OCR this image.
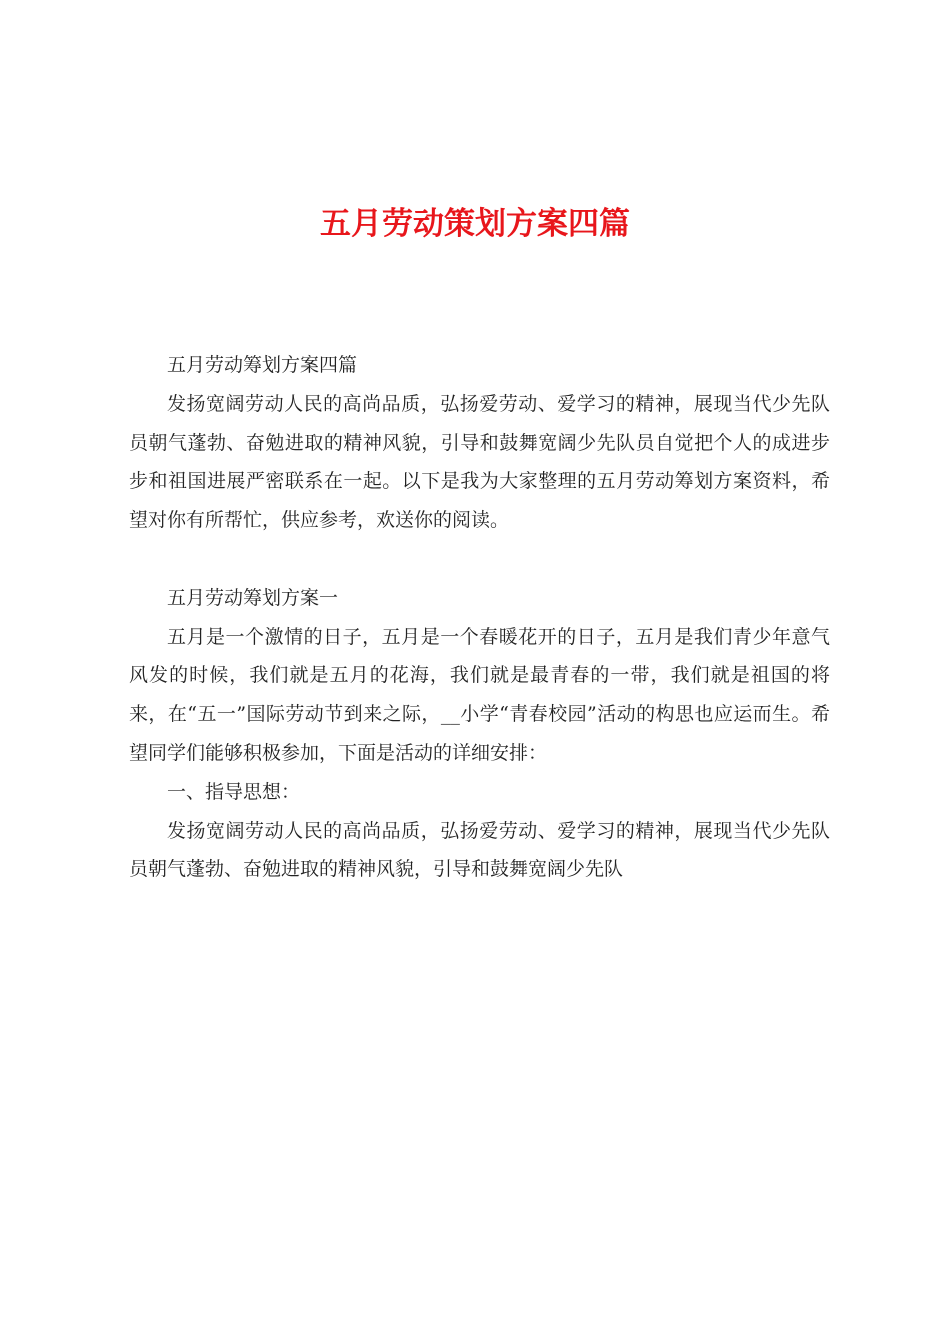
五月劳动策划方案四篇

五月劳动筹划方案四篇

发扬宽阔劳动人民的高尚品质，弘扬爱劳动、爱学习的精神，展现当代少先队员朝气蓬勃、奋勉进取的精神风貌，引导和鼓舞宽阔少先队员自觉把个人的成进步步和祖国进展严密联系在一起。以下是我为大家整理的五月劳动筹划方案资料，希望对你有所帮忙，供应参考，欢送你的阅读。

五月劳动筹划方案一

五月是一个激情的日子，五月是一个春暖花开的日子，五月是我们青少年意气风发的时候，我们就是五月的花海，我们就是最青春的一带，我们就是祖国的将来，在“五一”国际劳动节到来之际，__小学“青春校园”活动的构思也应运而生。希望同学们能够积极参加，下面是活动的详细安排：

一、指导思想：

发扬宽阔劳动人民的高尚品质，弘扬爱劳动、爱学习的精神，展现当代少先队员朝气蓬勃、奋勉进取的精神风貌，引导和鼓舞宽阔少先队
